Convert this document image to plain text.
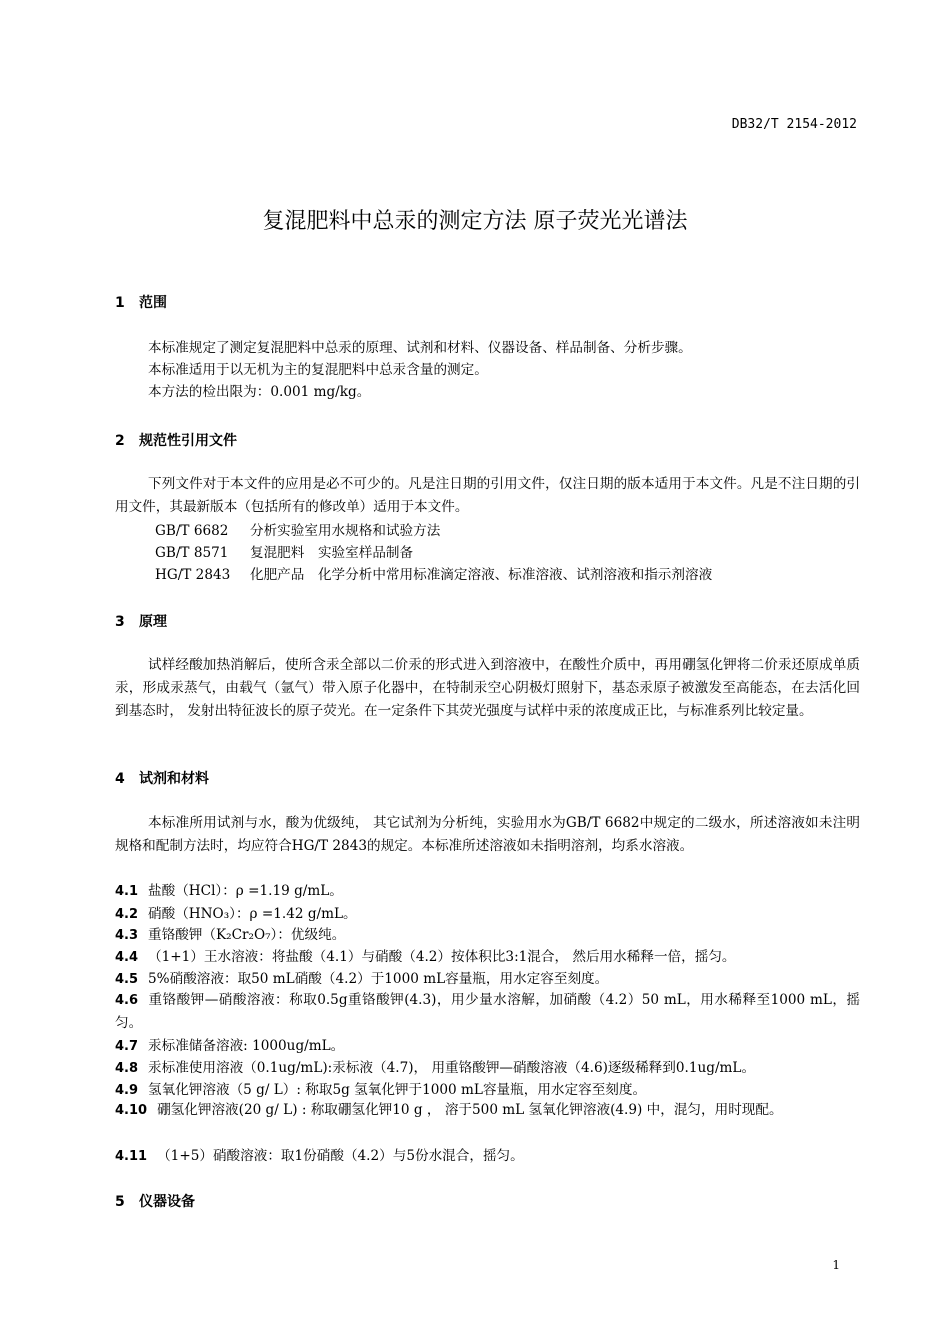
DB32/T 2154-2012
复混肥料中总汞的测定方法 原子荧光光谱法
1 范围
本标准规定了测定复混肥料中总汞的原理、试剂和材料、仪器设备、样品制备、分析步骤。
本标准适用于以无机为主的复混肥料中总汞含量的测定。
本方法的检出限为：0.001 mg/kg。
2 规范性引用文件
下列文件对于本文件的应用是必不可少的。凡是注日期的引用文件，仅注日期的版本适用于本文件。凡是不注日期的引用文件，其最新版本（包括所有的修改单）适用于本文件。
GB/T 6682 分析实验室用水规格和试验方法
GB/T 8571 复混肥料　实验室样品制备
HG/T 2843 化肥产品　化学分析中常用标准滴定溶液、标准溶液、试剂溶液和指示剂溶液
3 原理
试样经酸加热消解后，使所含汞全部以二价汞的形式进入到溶液中，在酸性介质中，再用硼氢化钾将二价汞还原成单质汞，形成汞蒸气，由载气（氩气）带入原子化器中，在特制汞空心阴极灯照射下，基态汞原子被激发至高能态，在去活化回到基态时， 发射出特征波长的原子荧光。在一定条件下其荧光强度与试样中汞的浓度成正比，与标准系列比较定量。
4 试剂和材料
本标准所用试剂与水，酸为优级纯， 其它试剂为分析纯，实验用水为GB/T 6682中规定的二级水，所述溶液如未注明规格和配制方法时，均应符合HG/T 2843的规定。本标准所述溶液如未指明溶剂，均系水溶液。
4.1 盐酸（HCl）：ρ =1.19 g/mL。
4.2 硝酸（HNO₃）：ρ =1.42 g/mL。
4.3 重铬酸钾（K₂Cr₂O₇）：优级纯。
4.4 （1+1）王水溶液：将盐酸（4.1）与硝酸（4.2）按体积比3:1混合， 然后用水稀释一倍，摇匀。
4.5 5%硝酸溶液：取50 mL硝酸（4.2）于1000 mL容量瓶，用水定容至刻度。
4.6 重铬酸钾—硝酸溶液：称取0.5g重铬酸钾(4.3)，用少量水溶解，加硝酸（4.2）50 mL，用水稀释至1000 mL，摇匀。
4.7 汞标准储备溶液: 1000ug/mL。
4.8 汞标准使用溶液（0.1ug/mL):汞标液（4.7)， 用重铬酸钾—硝酸溶液（4.6)逐级稀释到0.1ug/mL。
4.9 氢氧化钾溶液（5 g/ L）: 称取5g 氢氧化钾于1000 mL容量瓶，用水定容至刻度。
4.10 硼氢化钾溶液(20 g/ L) : 称取硼氢化钾10 g ， 溶于500 mL 氢氧化钾溶液(4.9) 中，混匀，用时现配。
4.11 （1+5）硝酸溶液：取1份硝酸（4.2）与5份水混合，摇匀。
5 仪器设备
1
